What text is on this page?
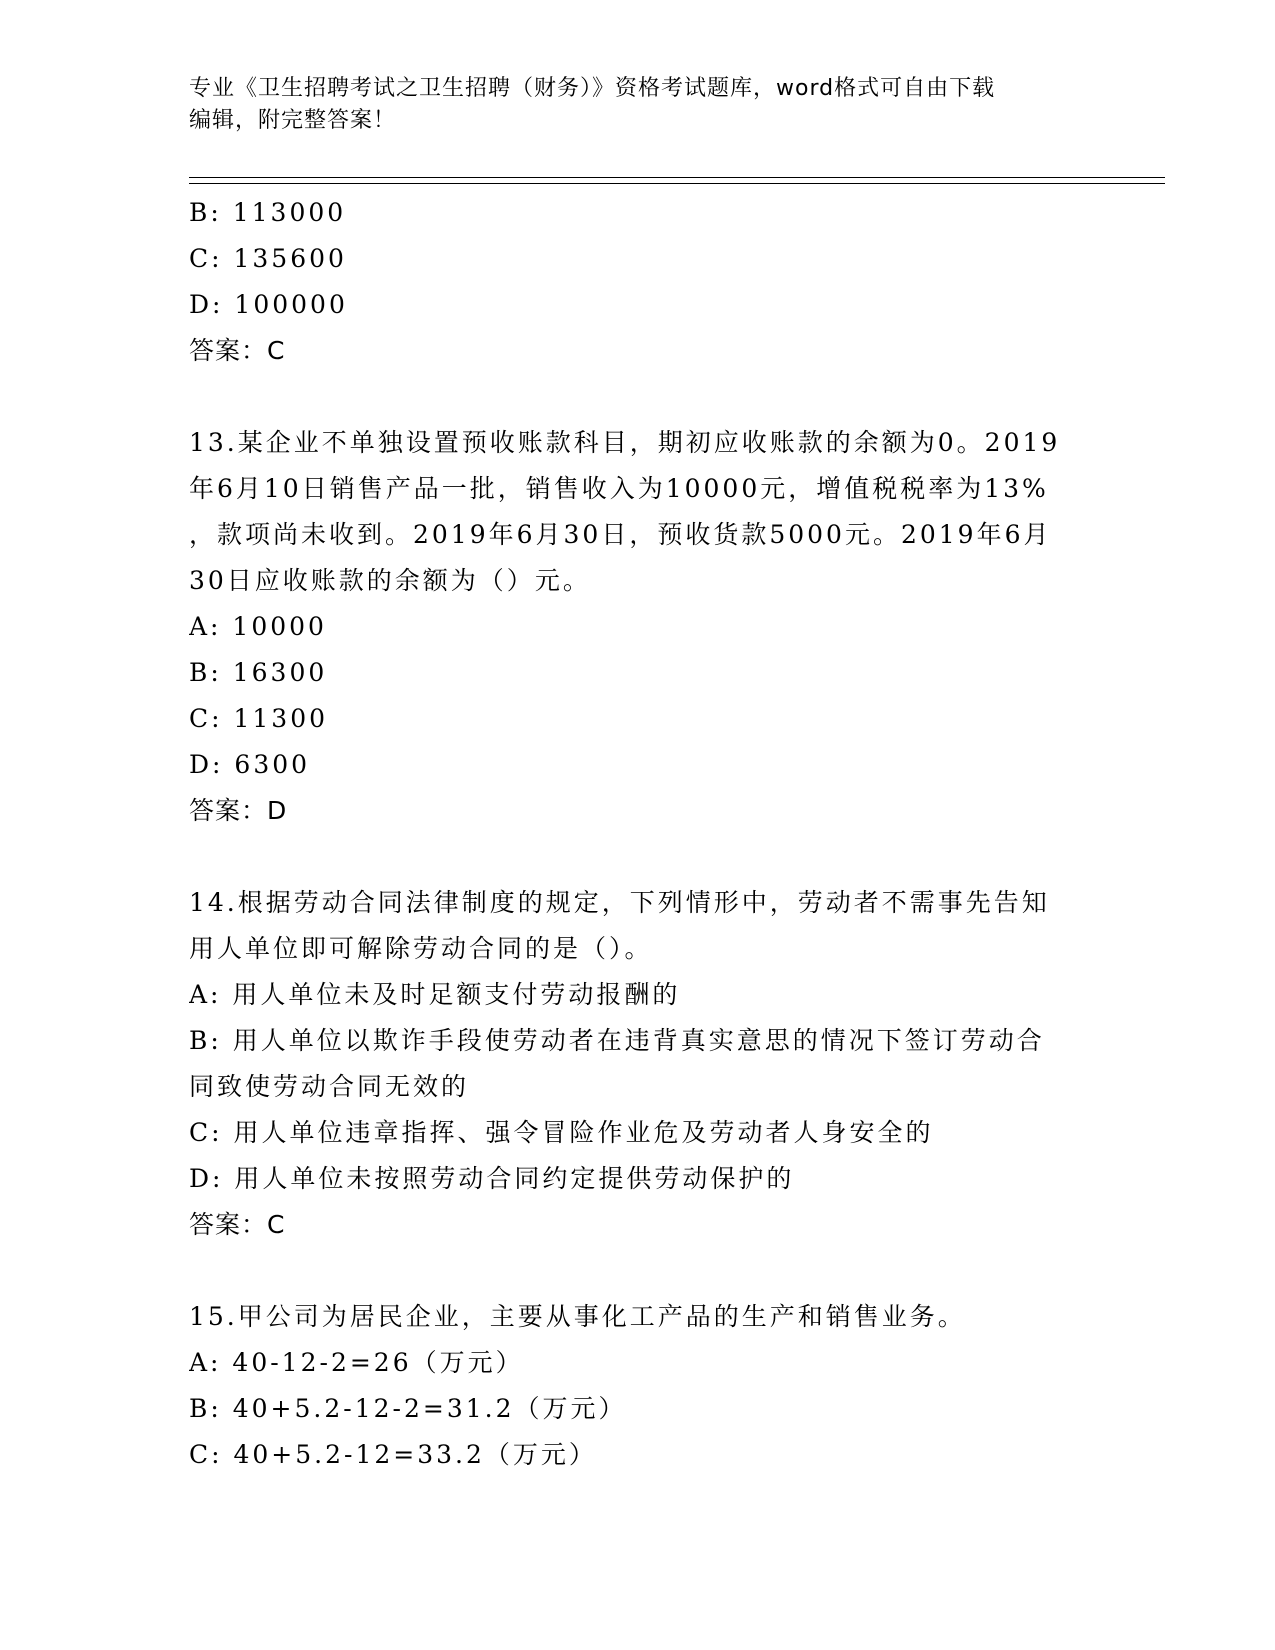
专业《卫生招聘考试之卫生招聘（财务）》资格考试题库，word格式可自由下载
编辑，附完整答案！
B: 113000
C: 135600
D: 100000
答案：C
13.某企业不单独设置预收账款科目，期初应收账款的余额为0。2019
年6月10日销售产品一批，销售收入为10000元，增值税税率为13%
，款项尚未收到。2019年6月30日，预收货款5000元。2019年6月
30日应收账款的余额为（）元。
A: 10000
B: 16300
C: 11300
D: 6300
答案：D
14.根据劳动合同法律制度的规定，下列情形中，劳动者不需事先告知
用人单位即可解除劳动合同的是（）。
A: 用人单位未及时足额支付劳动报酬的
B: 用人单位以欺诈手段使劳动者在违背真实意思的情况下签订劳动合
同致使劳动合同无效的
C: 用人单位违章指挥、强令冒险作业危及劳动者人身安全的
D: 用人单位未按照劳动合同约定提供劳动保护的
答案：C
15.甲公司为居民企业，主要从事化工产品的生产和销售业务。
A: 40-12-2=26（万元）
B: 40+5.2-12-2=31.2（万元）
C: 40+5.2-12=33.2（万元）
